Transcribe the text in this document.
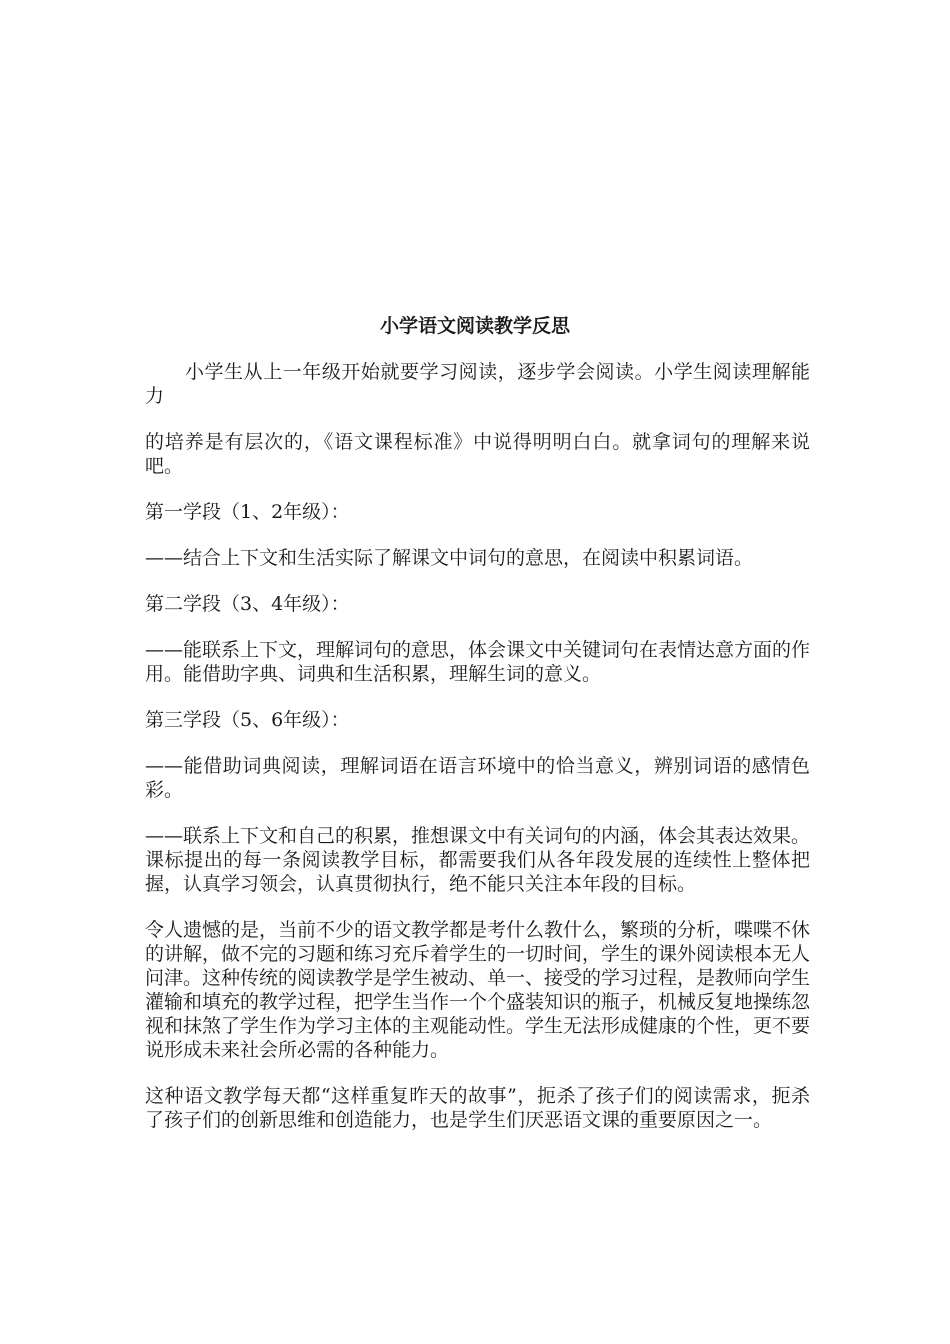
小学语文阅读教学反思

小学生从上一年级开始就要学习阅读，逐步学会阅读。小学生阅读理解能力

的培养是有层次的，《语文课程标准》中说得明明白白。就拿词句的理解来说吧。

第一学段（1、2年级）：

——结合上下文和生活实际了解课文中词句的意思，在阅读中积累词语。

第二学段（3、4年级）：

——能联系上下文，理解词句的意思，体会课文中关键词句在表情达意方面的作用。能借助字典、词典和生活积累，理解生词的意义。

第三学段（5、6年级）：

——能借助词典阅读，理解词语在语言环境中的恰当意义，辨别词语的感情色彩。

——联系上下文和自己的积累，推想课文中有关词句的内涵，体会其表达效果。 课标提出的每一条阅读教学目标，都需要我们从各年段发展的连续性上整体把握，认真学习领会，认真贯彻执行，绝不能只关注本年段的目标。

令人遗憾的是，当前不少的语文教学都是考什么教什么，繁琐的分析，喋喋不休的讲解，做不完的习题和练习充斥着学生的一切时间，学生的课外阅读根本无人问津。这种传统的阅读教学是学生被动、单一、接受的学习过程，是教师向学生灌输和填充的教学过程，把学生当作一个个盛装知识的瓶子，机械反复地操练忽视和抹煞了学生作为学习主体的主观能动性。学生无法形成健康的个性，更不要说形成未来社会所必需的各种能力。

这种语文教学每天都“这样重复昨天的故事”，扼杀了孩子们的阅读需求，扼杀了孩子们的创新思维和创造能力，也是学生们厌恶语文课的重要原因之一。
